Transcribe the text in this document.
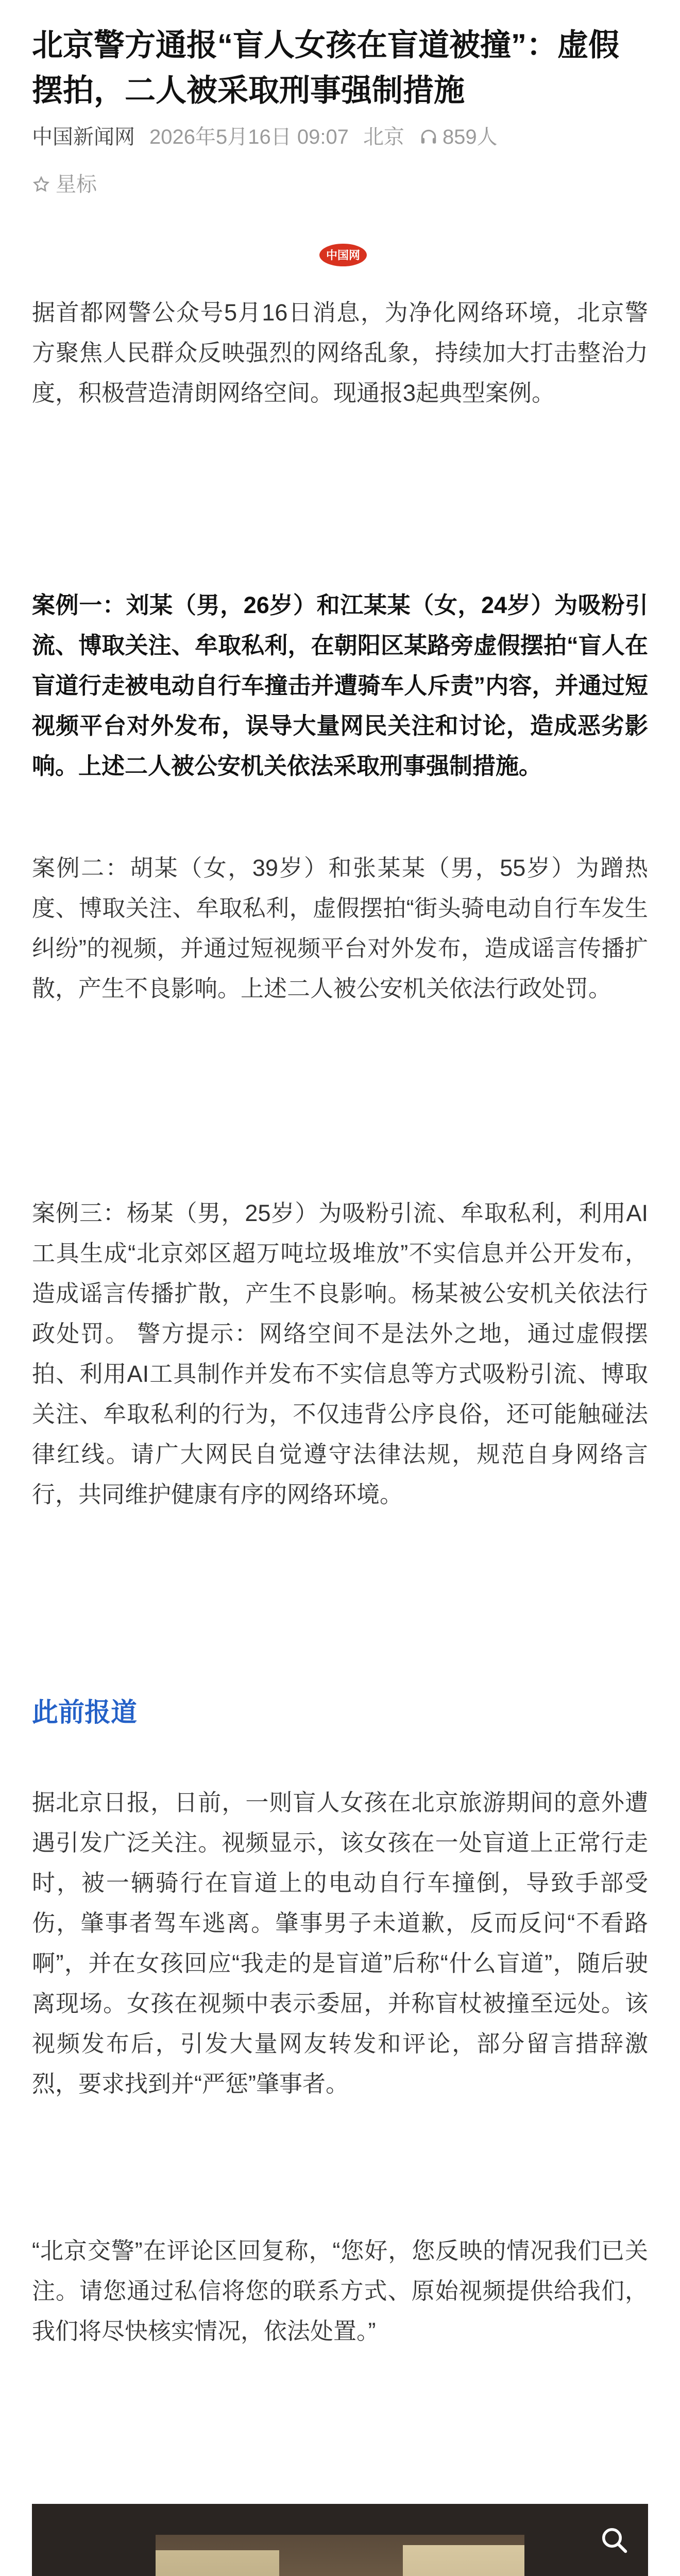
北京警方通报“盲人女孩在盲道被撞”：虚假摆拍，二人被采取刑事强制措施
中国新闻网 2026年5月16日 09:07 北京 859人
星标
中国网

据首都网警公众号5月16日消息，为净化网络环境，北京警方聚焦人民群众反映强烈的网络乱象，持续加大打击整治力度，积极营造清朗网络空间。现通报3起典型案例。

案例一：刘某（男，26岁）和江某某（女，24岁）为吸粉引流、博取关注、牟取私利，在朝阳区某路旁虚假摆拍“盲人在盲道行走被电动自行车撞击并遭骑车人斥责”内容，并通过短视频平台对外发布，误导大量网民关注和讨论，造成恶劣影响。上述二人被公安机关依法采取刑事强制措施。

案例二：胡某（女，39岁）和张某某（男，55岁）为蹭热度、博取关注、牟取私利，虚假摆拍“街头骑电动自行车发生纠纷”的视频，并通过短视频平台对外发布，造成谣言传播扩散，产生不良影响。上述二人被公安机关依法行政处罚。

案例三：杨某（男，25岁）为吸粉引流、牟取私利，利用AI工具生成“北京郊区超万吨垃圾堆放”不实信息并公开发布，造成谣言传播扩散，产生不良影响。杨某被公安机关依法行政处罚。 警方提示：网络空间不是法外之地，通过虚假摆拍、利用AI工具制作并发布不实信息等方式吸粉引流、博取关注、牟取私利的行为，不仅违背公序良俗，还可能触碰法律红线。请广大网民自觉遵守法律法规，规范自身网络言行，共同维护健康有序的网络环境。

此前报道

据北京日报，日前，一则盲人女孩在北京旅游期间的意外遭遇引发广泛关注。视频显示，该女孩在一处盲道上正常行走时，被一辆骑行在盲道上的电动自行车撞倒，导致手部受伤，肇事者驾车逃离。肇事男子未道歉，反而反问“不看路啊”，并在女孩回应“我走的是盲道”后称“什么盲道”，随后驶离现场。女孩在视频中表示委屈，并称盲杖被撞至远处。该视频发布后，引发大量网友转发和评论，部分留言措辞激烈，要求找到并“严惩”肇事者。

“北京交警”在评论区回复称，“您好，您反映的情况我们已关注。请您通过私信将您的联系方式、原始视频提供给我们，我们将尽快核实情况，依法处置。”
